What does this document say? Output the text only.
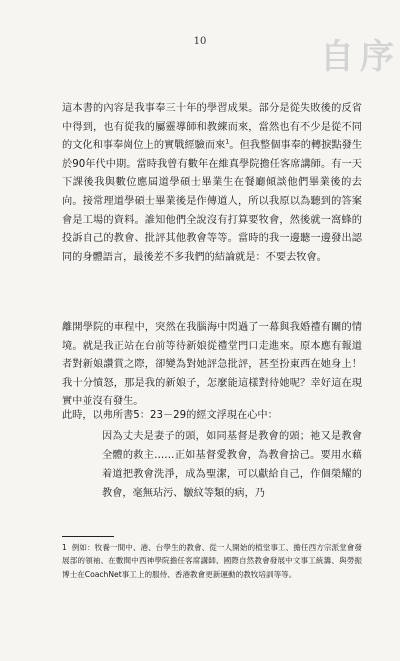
10	自序
這本書的內容是我事奉三十年的學習成果。部分是從失敗後的反省中得到，也有從我的屬靈導師和教練而來，當然也有不少是從不同的文化和事奉崗位上的實戰經驗而來$^1$。但我整個事奉的轉捩點發生於90年代中期。當時我曾有數年在維真學院擔任客席講師。有一天下課後我與數位應屆道學碩士畢業生在餐廳傾談他們畢業後的去向。接常理道學碩士畢業後是作傳道人，所以我原以為聽到的答案會是工場的資料。誰知他們全說沒有打算要牧會，然後就一窩蜂的投訴自己的教會、批評其他教會等等。當時的我一邊聽一邊發出認同的身體語言，最後差不多我們的結論就是：不要去牧會。
離開學院的車程中，突然在我腦海中閃過了一幕與我婚禮有關的情境。就是我正站在台前等待新娘從禮堂門口走進來。原本應有報道者對新娘讚賞之際，卻變為對她評急批評，甚至扮東西在她身上！我十分憤怒，那是我的新娘子，怎麼能這樣對待她呢？幸好這在現實中並沒有發生。
此時，以弗所書5：23－29的經文浮現在心中：
因為丈夫是妻子的頭，如同基督是教會的頭；祂又是教會全體的救主……正如基督愛教會，為教會捨己。要用水藉着道把教會洗淨，成為聖潔，可以獻給自己，作個榮耀的教會，毫無玷污、皺紋等類的病，乃
1 例如：牧養一間中、港、台學生的教會、從一人開始的植堂事工、擔任西方宗派堂會發展部的領袖、在數間中西神學院擔任客席講師、國際自然教會發展中文事工統籌、與勞振博士在CoachNet事工上的服侍、香港教會更新運動的教牧培訓等等。
